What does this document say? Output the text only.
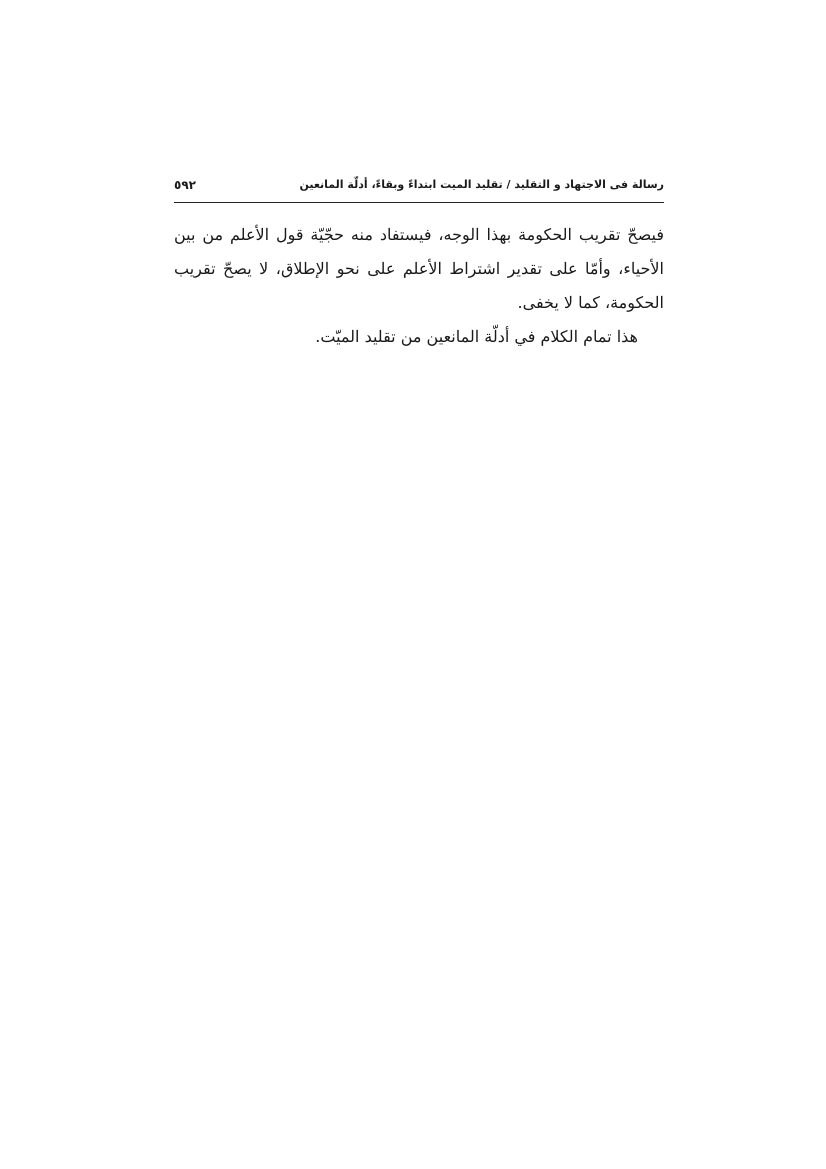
رسالة فى الاجتهاد و التقليد / تقليد الميت ابتداءً وبقاءً، أدلّة المانعين
٥٩٢

فيصحّ تقريب الحكومة بهذا الوجه، فيستفاد منه حجّيّة قول الأعلم من بين الأحياء، وأمّا على تقدير اشتراط الأعلم على نحو الإطلاق، لا يصحّ تقريب الحكومة، كما لا يخفى.

هذا تمام الكلام في أدلّة المانعين من تقليد الميّت.
